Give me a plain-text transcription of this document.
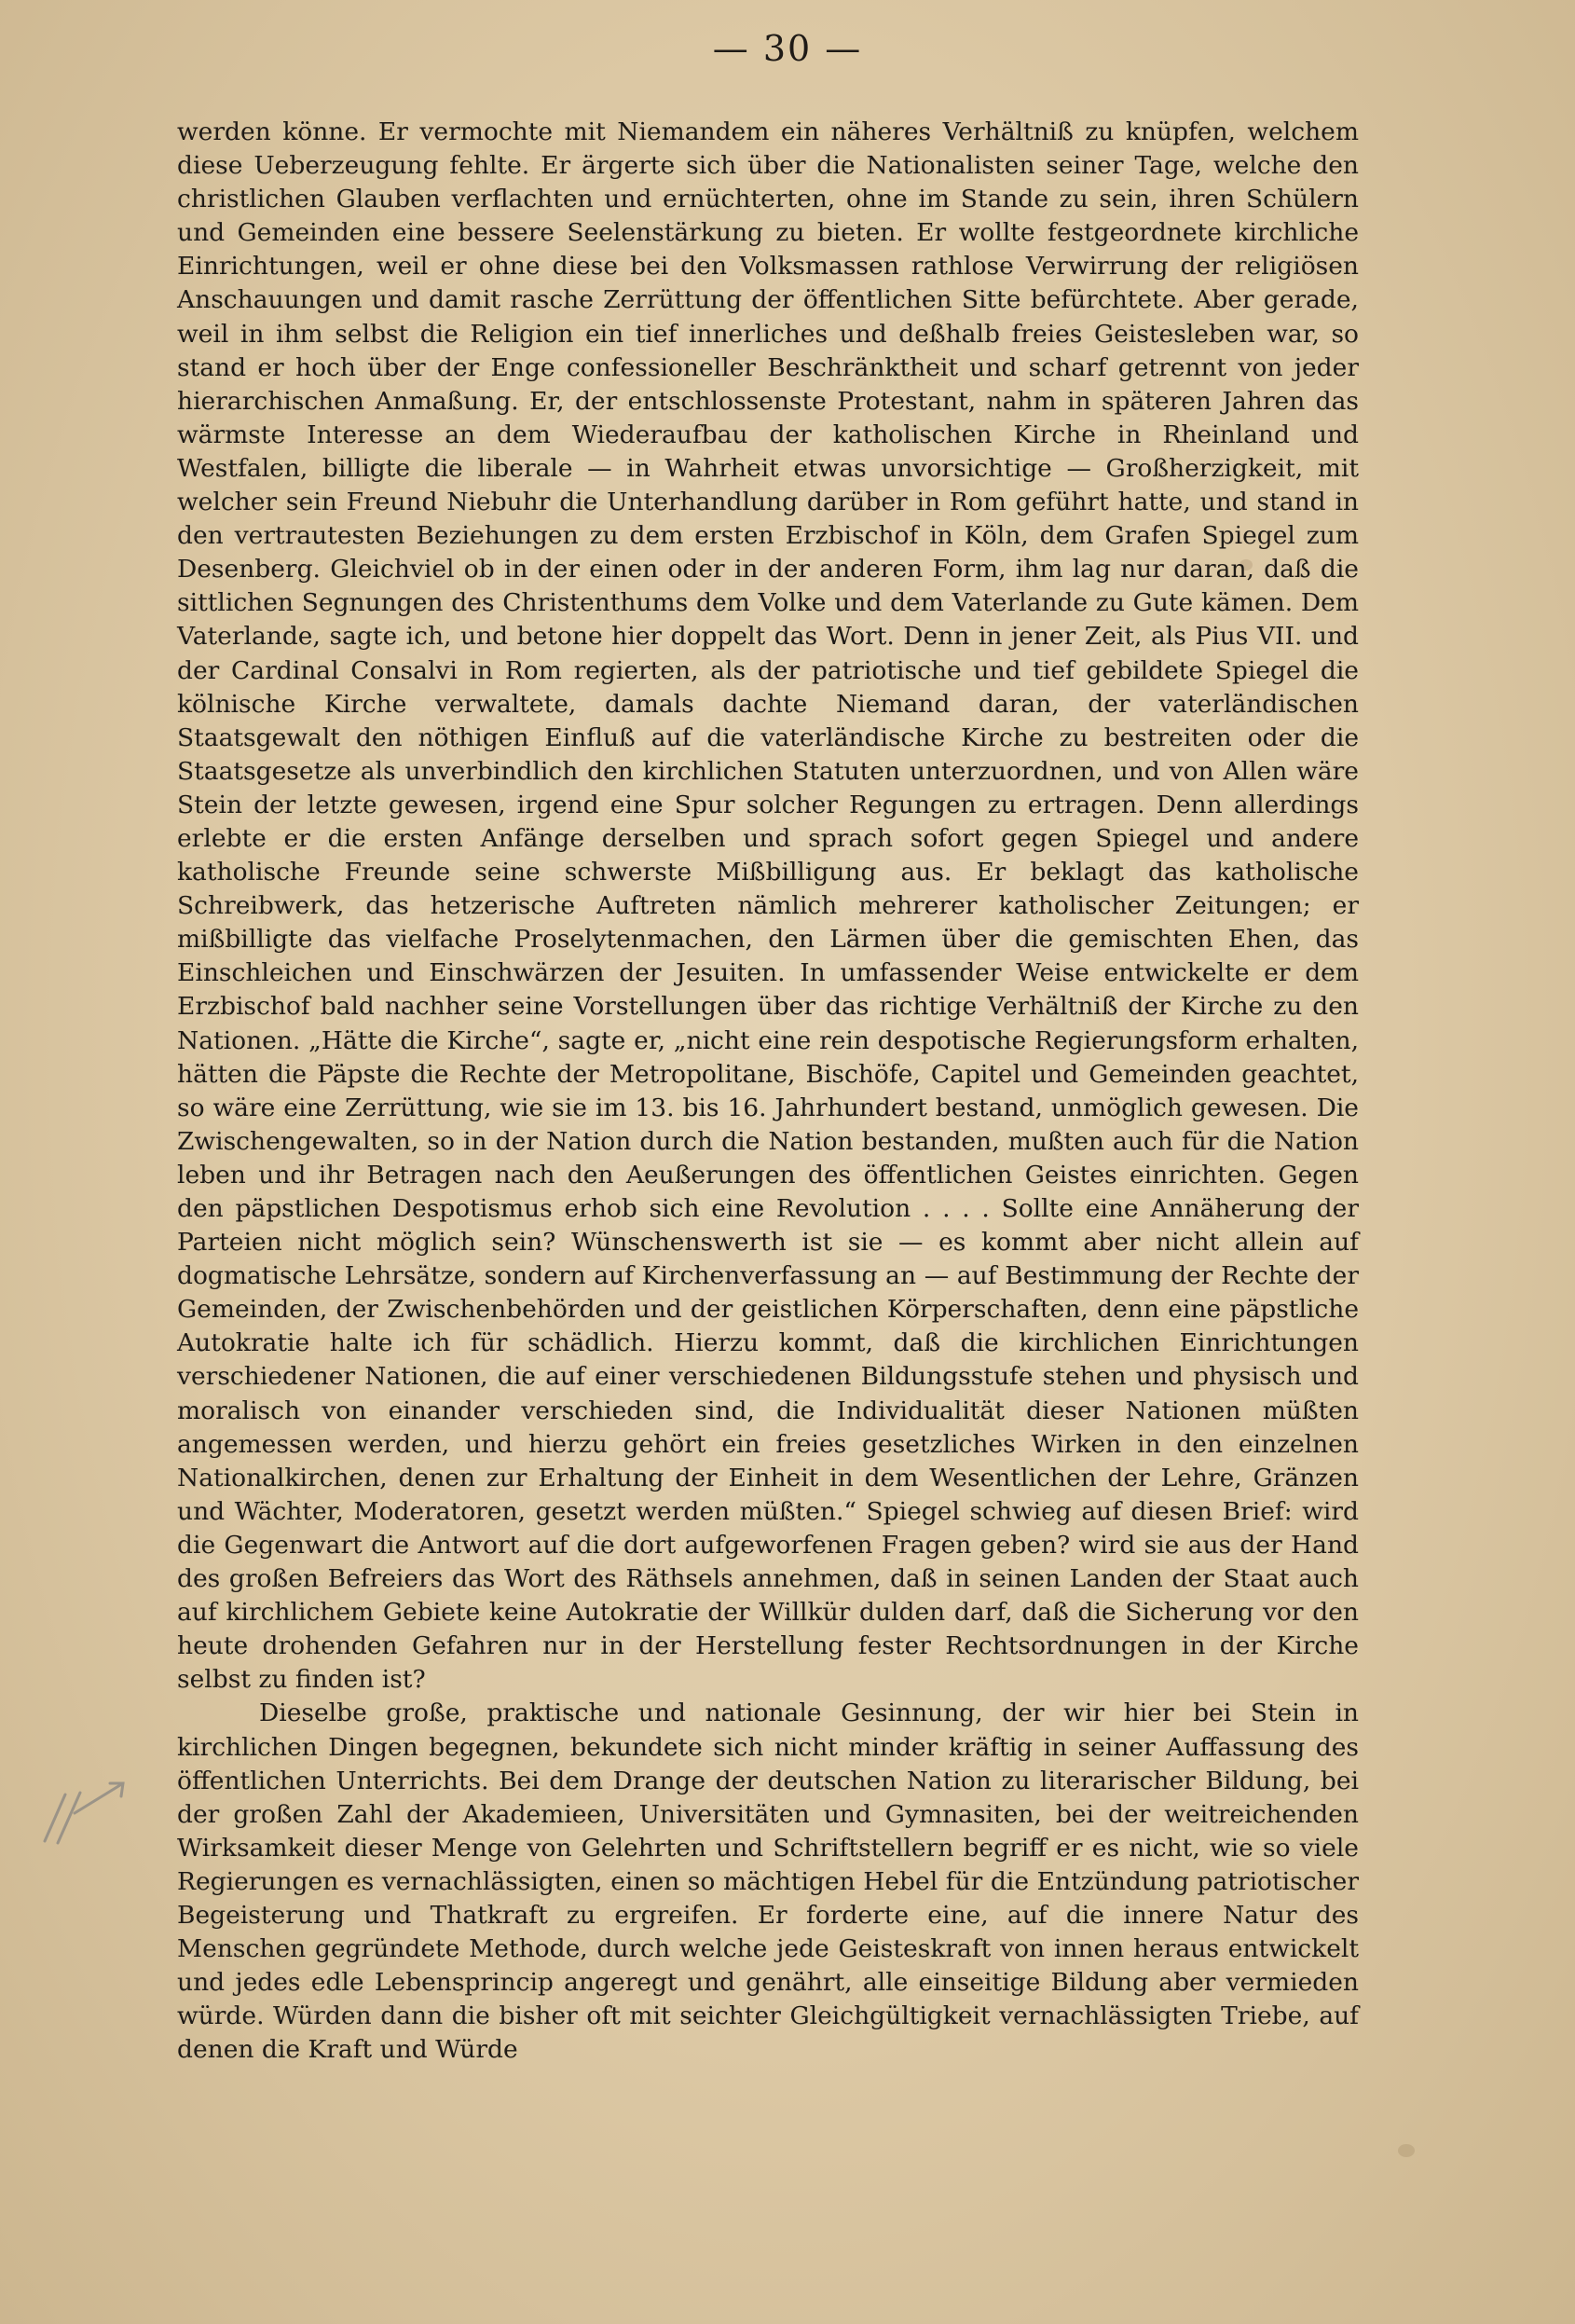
— 30 —

werden könne. Er vermochte mit Niemandem ein näheres Verhältniß zu knüpfen, welchem diese Ueberzeugung fehlte. Er ärgerte sich über die Nationalisten seiner Tage, welche den christlichen Glauben verflachten und ernüchterten, ohne im Stande zu sein, ihren Schülern und Gemeinden eine bessere Seelenstärkung zu bieten. Er wollte festgeordnete kirchliche Einrichtungen, weil er ohne diese bei den Volksmassen rathlose Verwirrung der religiösen Anschauungen und damit rasche Zerrüttung der öffentlichen Sitte befürchtete. Aber gerade, weil in ihm selbst die Religion ein tief innerliches und deßhalb freies Geistesleben war, so stand er hoch über der Enge confessioneller Beschränktheit und scharf getrennt von jeder hierarchischen Anmaßung. Er, der entschlossenste Protestant, nahm in späteren Jahren das wärmste Interesse an dem Wiederaufbau der katholischen Kirche in Rheinland und Westfalen, billigte die liberale — in Wahrheit etwas unvorsichtige — Großherzigkeit, mit welcher sein Freund Niebuhr die Unterhandlung darüber in Rom geführt hatte, und stand in den vertrautesten Beziehungen zu dem ersten Erzbischof in Köln, dem Grafen Spiegel zum Desenberg. Gleichviel ob in der einen oder in der anderen Form, ihm lag nur daran, daß die sittlichen Segnungen des Christenthums dem Volke und dem Vaterlande zu Gute kämen. Dem Vaterlande, sagte ich, und betone hier doppelt das Wort. Denn in jener Zeit, als Pius VII. und der Cardinal Consalvi in Rom regierten, als der patriotische und tief gebildete Spiegel die kölnische Kirche verwaltete, damals dachte Niemand daran, der vaterländischen Staatsgewalt den nöthigen Einfluß auf die vaterländische Kirche zu bestreiten oder die Staatsgesetze als unverbindlich den kirchlichen Statuten unterzuordnen, und von Allen wäre Stein der letzte gewesen, irgend eine Spur solcher Regungen zu ertragen. Denn allerdings erlebte er die ersten Anfänge derselben und sprach sofort gegen Spiegel und andere katholische Freunde seine schwerste Mißbilligung aus. Er beklagt das katholische Schreibwerk, das hetzerische Auftreten nämlich mehrerer katholischer Zeitungen; er mißbilligte das vielfache Proselytenmachen, den Lärmen über die gemischten Ehen, das Einschleichen und Einschwärzen der Jesuiten. In umfassender Weise entwickelte er dem Erzbischof bald nachher seine Vorstellungen über das richtige Verhältniß der Kirche zu den Nationen. „Hätte die Kirche“, sagte er, „nicht eine rein despotische Regierungsform erhalten, hätten die Päpste die Rechte der Metropolitane, Bischöfe, Capitel und Gemeinden geachtet, so wäre eine Zerrüttung, wie sie im 13. bis 16. Jahrhundert bestand, unmöglich gewesen. Die Zwischengewalten, so in der Nation durch die Nation bestanden, mußten auch für die Nation leben und ihr Betragen nach den Aeußerungen des öffentlichen Geistes einrichten. Gegen den päpstlichen Despotismus erhob sich eine Revolution . . . . Sollte eine Annäherung der Parteien nicht möglich sein? Wünschenswerth ist sie — es kommt aber nicht allein auf dogmatische Lehrsätze, sondern auf Kirchenverfassung an — auf Bestimmung der Rechte der Gemeinden, der Zwischenbehörden und der geistlichen Körperschaften, denn eine päpstliche Autokratie halte ich für schädlich. Hierzu kommt, daß die kirchlichen Einrichtungen verschiedener Nationen, die auf einer verschiedenen Bildungsstufe stehen und physisch und moralisch von einander verschieden sind, die Individualität dieser Nationen müßten angemessen werden, und hierzu gehört ein freies gesetzliches Wirken in den einzelnen Nationalkirchen, denen zur Erhaltung der Einheit in dem Wesentlichen der Lehre, Gränzen und Wächter, Moderatoren, gesetzt werden müßten.“ Spiegel schwieg auf diesen Brief: wird die Gegenwart die Antwort auf die dort aufgeworfenen Fragen geben? wird sie aus der Hand des großen Befreiers das Wort des Räthsels annehmen, daß in seinen Landen der Staat auch auf kirchlichem Gebiete keine Autokratie der Willkür dulden darf, daß die Sicherung vor den heute drohenden Gefahren nur in der Herstellung fester Rechtsordnungen in der Kirche selbst zu finden ist?

Dieselbe große, praktische und nationale Gesinnung, der wir hier bei Stein in kirchlichen Dingen begegnen, bekundete sich nicht minder kräftig in seiner Auffassung des öffentlichen Unterrichts. Bei dem Drange der deutschen Nation zu literarischer Bildung, bei der großen Zahl der Akademieen, Universitäten und Gymnasiten, bei der weitreichenden Wirksamkeit dieser Menge von Gelehrten und Schriftstellern begriff er es nicht, wie so viele Regierungen es vernachlässigten, einen so mächtigen Hebel für die Entzündung patriotischer Begeisterung und Thatkraft zu ergreifen. Er forderte eine, auf die innere Natur des Menschen gegründete Methode, durch welche jede Geisteskraft von innen heraus entwickelt und jedes edle Lebensprincip angeregt und genährt, alle einseitige Bildung aber vermieden würde. Würden dann die bisher oft mit seichter Gleichgültigkeit vernachlässigten Triebe, auf denen die Kraft und Würde
